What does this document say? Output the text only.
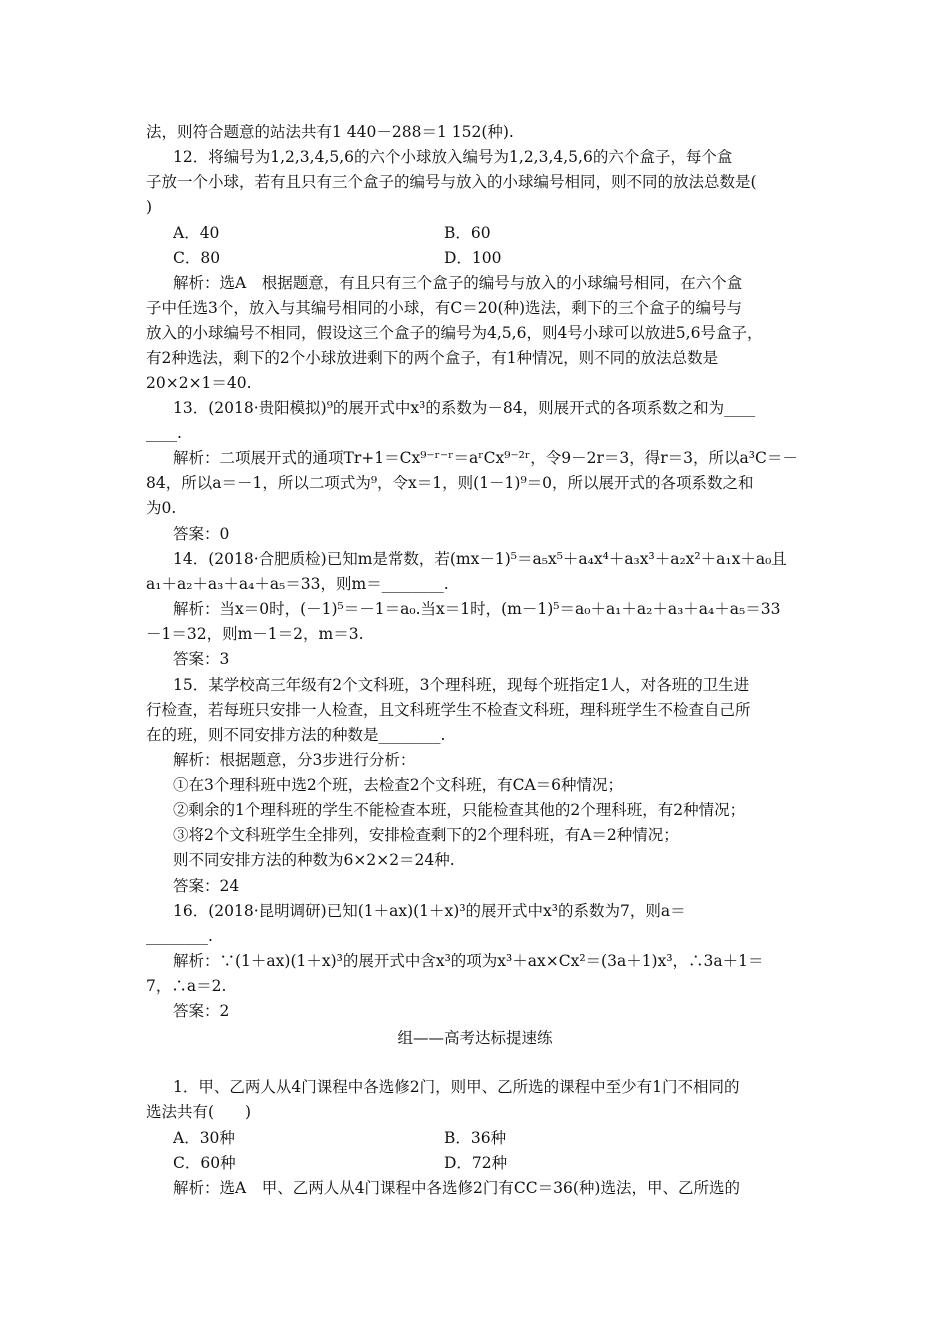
法，则符合题意的站法共有1 440－288＝1 152(种).
12．将编号为1,2,3,4,5,6的六个小球放入编号为1,2,3,4,5,6的六个盒子，每个盒
子放一个小球，若有且只有三个盒子的编号与放入的小球编号相同，则不同的放法总数是(
)
A．40	B．60
C．80	D．100
解析：选A　根据题意，有且只有三个盒子的编号与放入的小球编号相同，在六个盒
子中任选3个，放入与其编号相同的小球，有C＝20(种)选法，剩下的三个盒子的编号与
放入的小球编号不相同，假设这三个盒子的编号为4,5,6，则4号小球可以放进5,6号盒子，
有2种选法，剩下的2个小球放进剩下的两个盒子，有1种情况，则不同的放法总数是
20×2×1＝40.
13．(2018·贵阳模拟)⁹的展开式中x³的系数为－84，则展开式的各项系数之和为____
____.
解析：二项展开式的通项Tr+1＝Cx⁹⁻ʳ⁻ʳ＝aʳCx⁹⁻²ʳ，令9－2r＝3，得r＝3，所以a³C＝－
84，所以a＝－1，所以二项式为⁹，令x＝1，则(1－1)⁹＝0，所以展开式的各项系数之和
为0.
答案：0
14．(2018·合肥质检)已知m是常数，若(mx－1)⁵＝a₅x⁵＋a₄x⁴＋a₃x³＋a₂x²＋a₁x＋a₀且
a₁＋a₂＋a₃＋a₄＋a₅＝33，则m＝________.
解析：当x＝0时，(－1)⁵＝－1＝a₀.当x＝1时，(m－1)⁵＝a₀＋a₁＋a₂＋a₃＋a₄＋a₅＝33
－1＝32，则m－1＝2，m＝3.
答案：3
15．某学校高三年级有2个文科班，3个理科班，现每个班指定1人，对各班的卫生进
行检查，若每班只安排一人检查，且文科班学生不检查文科班，理科班学生不检查自己所
在的班，则不同安排方法的种数是________.
解析：根据题意，分3步进行分析：
①在3个理科班中选2个班，去检查2个文科班，有CA＝6种情况；
②剩余的1个理科班的学生不能检查本班，只能检查其他的2个理科班，有2种情况；
③将2个文科班学生全排列，安排检查剩下的2个理科班，有A＝2种情况；
则不同安排方法的种数为6×2×2＝24种.
答案：24
16．(2018·昆明调研)已知(1＋ax)(1＋x)³的展开式中x³的系数为7，则a＝
________.
解析：∵(1＋ax)(1＋x)³的展开式中含x³的项为x³＋ax×Cx²＝(3a＋1)x³，∴3a＋1＝
7，∴a＝2.
答案：2
组——高考达标提速练
1．甲、乙两人从4门课程中各选修2门，则甲、乙所选的课程中至少有1门不相同的
选法共有(　　)
A．30种	B．36种
C．60种	D．72种
解析：选A　甲、乙两人从4门课程中各选修2门有CC＝36(种)选法，甲、乙所选的
